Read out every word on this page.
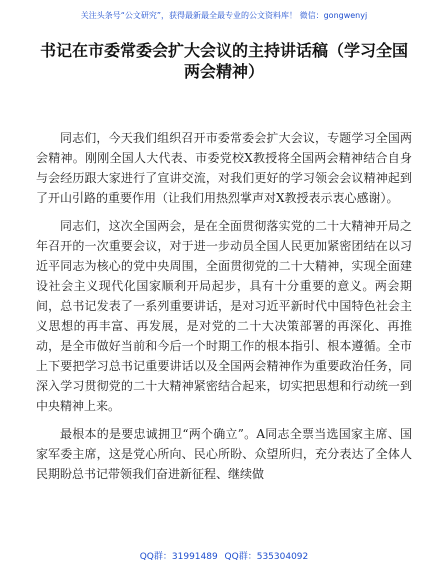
关注头条号“公文研究”，获得最新最全最专业的公文资料库！ 微信：gongwenyj
书记在市委常委会扩大会议的主持讲话稿（学习全国两会精神）

同志们，今天我们组织召开市委常委会扩大会议，专题学习全国两会精神。刚刚全国人大代表、市委党校X教授将全国两会精神结合自身与会经历跟大家进行了宣讲交流，对我们更好的学习领会会议精神起到了开山引路的重要作用（让我们用热烈掌声对X教授表示衷心感谢）。

同志们，这次全国两会，是在全面贯彻落实党的二十大精神开局之年召开的一次重要会议，对于进一步动员全国人民更加紧密团结在以习近平同志为核心的党中央周围，全面贯彻党的二十大精神，实现全面建设社会主义现代化国家顺利开局起步，具有十分重要的意义。两会期间，总书记发表了一系列重要讲话，是对习近平新时代中国特色社会主义思想的再丰富、再发展，是对党的二十大决策部署的再深化、再推动，是全市做好当前和今后一个时期工作的根本指引、根本遵循。全市上下要把学习总书记重要讲话以及全国两会精神作为重要政治任务，同深入学习贯彻党的二十大精神紧密结合起来，切实把思想和行动统一到中央精神上来。

最根本的是要忠诚拥卫“两个确立”。A同志全票当选国家主席、国家军委主席，这是党心所向、民心所盼、众望所归，充分表达了全体人民期盼总书记带领我们奋进新征程、继续做

QQ群：31991489 QQ群：535304092
